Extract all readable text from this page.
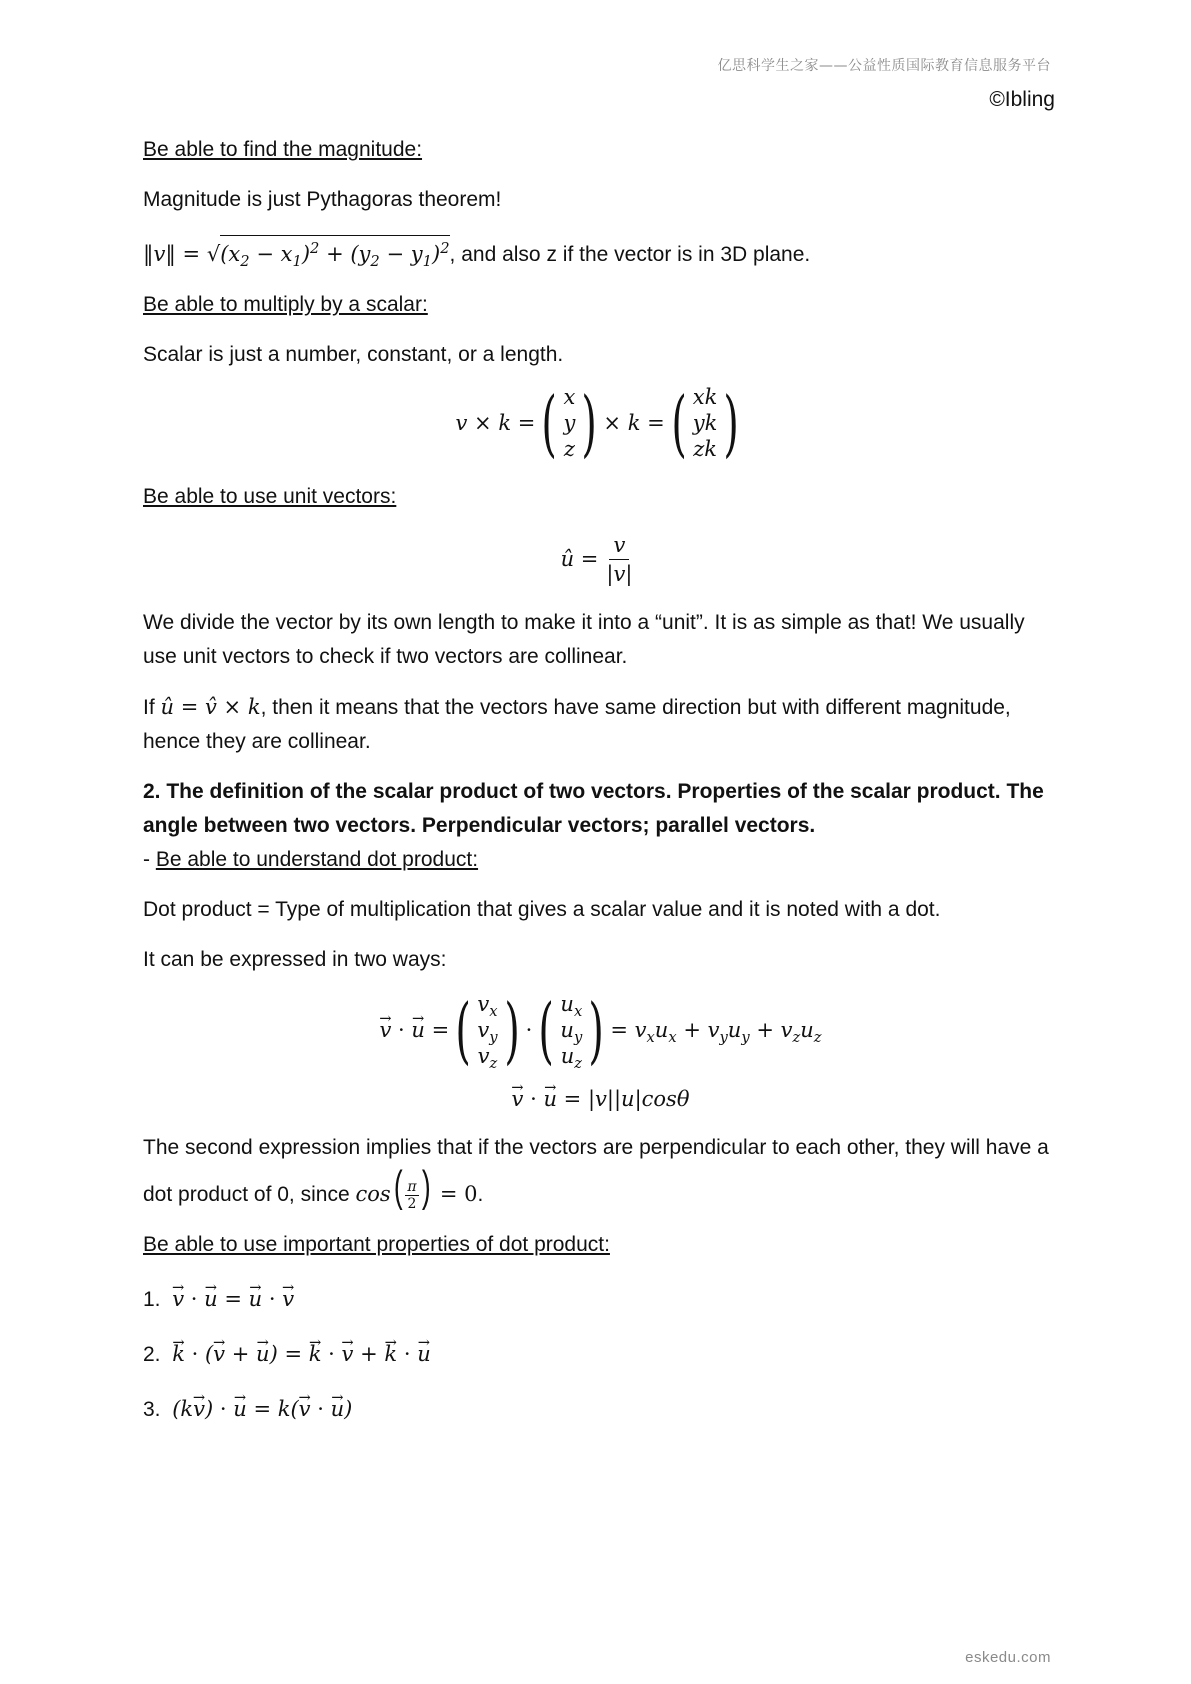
亿思科学生之家——公益性质国际教育信息服务平台
©Ibling

Be able to find the magnitude:

Magnitude is just Pythagoras theorem!

‖v‖ = $√(x_2 - x_1)^2 + (y_2 - y_1)^2$, and also z if the vector is in 3D plane.

Be able to multiply by a scalar:

Scalar is just a number, constant, or a length.

v × k = ( x
y
z ) × k = ( xk
yk
zk )

Be able to use unit vectors:

û = $\frac{v}{|v|}$

We divide the vector by its own length to make it into a “unit”. It is as simple as that! We usually use unit vectors to check if two vectors are collinear.

If û = v̂ × k, then it means that the vectors have same direction but with different magnitude, hence they are collinear.

2. The definition of the scalar product of two vectors. Properties of the scalar product. The angle between two vectors. Perpendicular vectors; parallel vectors.

- Be able to understand dot product:

Dot product = Type of multiplication that gives a scalar value and it is noted with a dot.

It can be expressed in two ways:

→ v · → u = ( $v_x$
$v_y$
$v_z$ ) · ( $u_x$
$u_y$
$u_z$ ) = $v_xu_x + v_yu_y + v_zu_z$
→ v · → u = |v||u|cosθ

The second expression implies that if the vectors are perpendicular to each other, they will have a dot product of 0, since $\cos( \frac{\pi}{2}$ ) = 0.

Be able to use important properties of dot product:

1. → v · → u = → u · → v

2. → k · (→ v + → u) = → k · → v + → k · → u

3. (k→ v) · → u = k(→ v · → u)

eskedu.com
